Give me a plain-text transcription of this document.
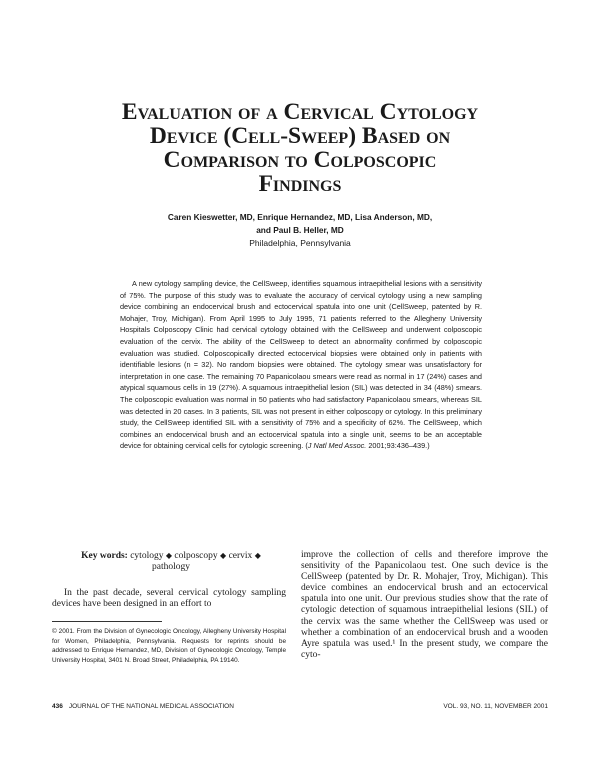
Evaluation of a Cervical Cytology
Device (Cell-Sweep) Based on
Comparison to Colposcopic
Findings
Caren Kieswetter, MD, Enrique Hernandez, MD, Lisa Anderson, MD,
and Paul B. Heller, MD
Philadelphia, Pennsylvania

A new cytology sampling device, the CellSweep, identifies squamous intraepithelial lesions with a sensitivity of 75%. The purpose of this study was to evaluate the accuracy of cervical cytology using a new sampling device combining an endocervical brush and ectocervical spatula into one unit (CellSweep, patented by R. Mohajer, Troy, Michigan). From April 1995 to July 1995, 71 patients referred to the Allegheny University Hospitals Colposcopy Clinic had cervical cytology obtained with the CellSweep and underwent colposcopic evaluation of the cervix. The ability of the CellSweep to detect an abnormality confirmed by colposcopic evaluation was studied. Colposcopically directed ectocervical biopsies were obtained only in patients with identifiable lesions (n = 32). No random biopsies were obtained. The cytology smear was unsatisfactory for interpretation in one case. The remaining 70 Papanicolaou smears were read as normal in 17 (24%) cases and atypical squamous cells in 19 (27%). A squamous intraepithelial lesion (SIL) was detected in 34 (48%) smears. The colposcopic evaluation was normal in 50 patients who had satisfactory Papanicolaou smears, whereas SIL was detected in 20 cases. In 3 patients, SIL was not present in either colposcopy or cytology. In this preliminary study, the CellSweep identified SIL with a sensitivity of 75% and a specificity of 62%. The CellSweep, which combines an endocervical brush and an ectocervical spatula into a single unit, seems to be an acceptable device for obtaining cervical cells for cytologic screening. (J Natl Med Assoc. 2001;93:436–439.)

Key words: cytology ◆ colposcopy ◆ cervix ◆
pathology

In the past decade, several cervical cytology sampling devices have been designed in an effort to

© 2001. From the Division of Gynecologic Oncology, Allegheny University Hospital for Women, Philadelphia, Pennsylvania. Requests for reprints should be addressed to Enrique Hernandez, MD, Division of Gynecologic Oncology, Temple University Hospital, 3401 N. Broad Street, Philadelphia, PA 19140.

improve the collection of cells and therefore improve the sensitivity of the Papanicolaou test. One such device is the CellSweep (patented by Dr. R. Mohajer, Troy, Michigan). This device combines an endocervical brush and an ectocervical spatula into one unit. Our previous studies show that the rate of cytologic detection of squamous intraepithelial lesions (SIL) of the cervix was the same whether the CellSweep was used or whether a combination of an endocervical brush and a wooden Ayre spatula was used.¹ In the present study, we compare the cyto-

436 JOURNAL OF THE NATIONAL MEDICAL ASSOCIATION	VOL. 93, NO. 11, NOVEMBER 2001
